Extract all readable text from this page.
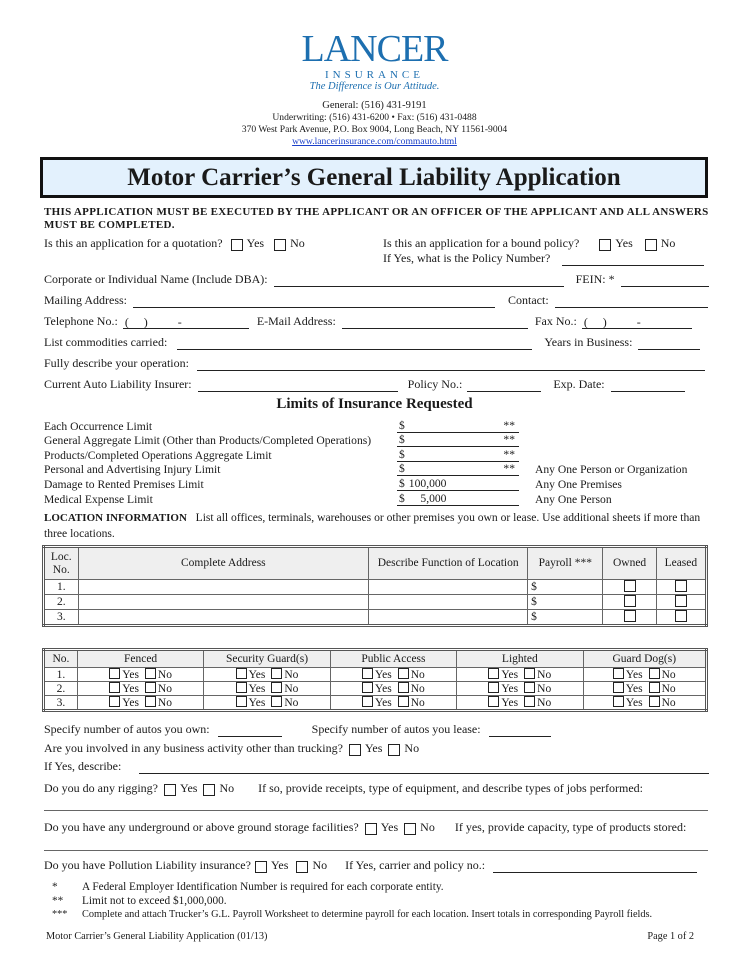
LANCER
INSURANCE
The Difference is Our Attitude.
General: (516) 431-9191
Underwriting: (516) 431-6200 • Fax: (516) 431-0488
370 West Park Avenue, P.O. Box 9004, Long Beach, NY 11561-9004
www.lancerinsurance.com/commauto.html
Motor Carrier’s General Liability Application
THIS APPLICATION MUST BE EXECUTED BY THE APPLICANT OR AN OFFICER OF THE APPLICANT AND ALL ANSWERS MUST BE COMPLETED.
Is this an application for a quotation? Yes No	Is this an application for a bound policy?	Yes No
If Yes, what is the Policy Number?
Corporate or Individual Name (Include DBA):	FEIN: *
Mailing Address:	Contact:
Telephone No.: (     )          -	E-Mail Address:	Fax No.: (     )          -
List commodities carried:	Years in Business:
Fully describe your operation:
Current Auto Liability Insurer:	Policy No.:	Exp. Date:
Limits of Insurance Requested
Each Occurrence Limit	$	**
General Aggregate Limit (Other than Products/Completed Operations)	$	**
Products/Completed Operations Aggregate Limit	$	**
Personal and Advertising Injury Limit	$	**	Any One Person or Organization
Damage to Rented Premises Limit	$ 100,000	Any One Premises
Medical Expense Limit	$ 5,000	Any One Person
LOCATION INFORMATION List all offices, terminals, warehouses or other premises you own or lease. Use additional sheets if more than three locations.
Loc. No.	Complete Address	Describe Function of Location	Payroll ***	Owned	Leased
1.			$		
2.			$		
3.			$		
No.	Fenced	Security Guard(s)	Public Access	Lighted	Guard Dog(s)
1.	Yes No	Yes No	Yes No	Yes No	Yes No
2.	Yes No	Yes No	Yes No	Yes No	Yes No
3.	Yes No	Yes No	Yes No	Yes No	Yes No
Specify number of autos you own:	Specify number of autos you lease:
Are you involved in any business activity other than trucking? Yes No
If Yes, describe:
Do you do any rigging? Yes No If so, provide receipts, type of equipment, and describe types of jobs performed:
Do you have any underground or above ground storage facilities? Yes No If yes, provide capacity, type of products stored:
Do you have Pollution Liability insurance? Yes No If Yes, carrier and policy no.:
*	A Federal Employer Identification Number is required for each corporate entity.
**	Limit not to exceed $1,000,000.
***	Complete and attach Trucker’s G.L. Payroll Worksheet to determine payroll for each location. Insert totals in corresponding Payroll fields.
Motor Carrier’s General Liability Application (01/13)	Page 1 of 2
